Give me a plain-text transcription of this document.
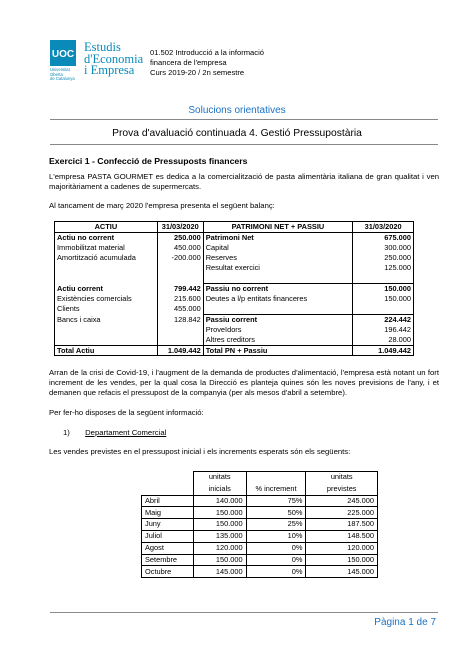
UOC
Estudis
d'Economia
i Empresa
Universitat
Oberta
de Catalunya
01.502 Introducció a la informació
financera de l'empresa
Curs 2019-20 / 2n semestre
Solucions orientatives
Prova d'avaluació continuada 4. Gestió Pressupostària
Exercici 1 - Confecció de Pressuposts financers
L'empresa PASTA GOURMET es dedica a la comercialització de pasta alimentària italiana de gran qualitat i ven majoritàriament a cadenes de supermercats.
Al tancament de març 2020 l'empresa presenta el següent balanç:
ACTIU	31/03/2020	PATRIMONI NET + PASSIU	31/03/2020
Actiu no corrent	250.000	Patrimoni Net	675.000
Immobilitzat material	450.000	Capital	300.000
Amortització acumulada	-200.000	Reserves	250.000
		Resultat exercici	125.000

Actiu corrent	799.442	Passiu no corrent	150.000
Existències comercials	215.600	Deutes a l/p entitats financeres	150.000
Clients	455.000		
Bancs i caixa	128.842	Passiu corrent	224.442
		Proveïdors	196.442
		Altres creditors	28.000
Total Actiu	1.049.442	Total PN + Passiu	1.049.442
Arran de la crisi de Covid-19, i l'augment de la demanda de productes d'alimentació, l'empresa està notant un fort increment de les vendes, per la qual cosa la Direcció es planteja quines són les noves previsions de l'any, i et demanen que refacis el pressupost de la companyia (per als mesos d'abril a setembre).
Per fer-ho disposes de la següent informació:
1) Departament Comercial
Les vendes previstes en el pressupost inicial i els increments esperats són els següents:
	unitats		unitats
	inicials	% increment	previstes
Abril	140.000	75%	245.000
Maig	150.000	50%	225.000
Juny	150.000	25%	187.500
Juliol	135.000	10%	148.500
Agost	120.000	0%	120.000
Setembre	150.000	0%	150.000
Octubre	145.000	0%	145.000
Pàgina 1 de 7
